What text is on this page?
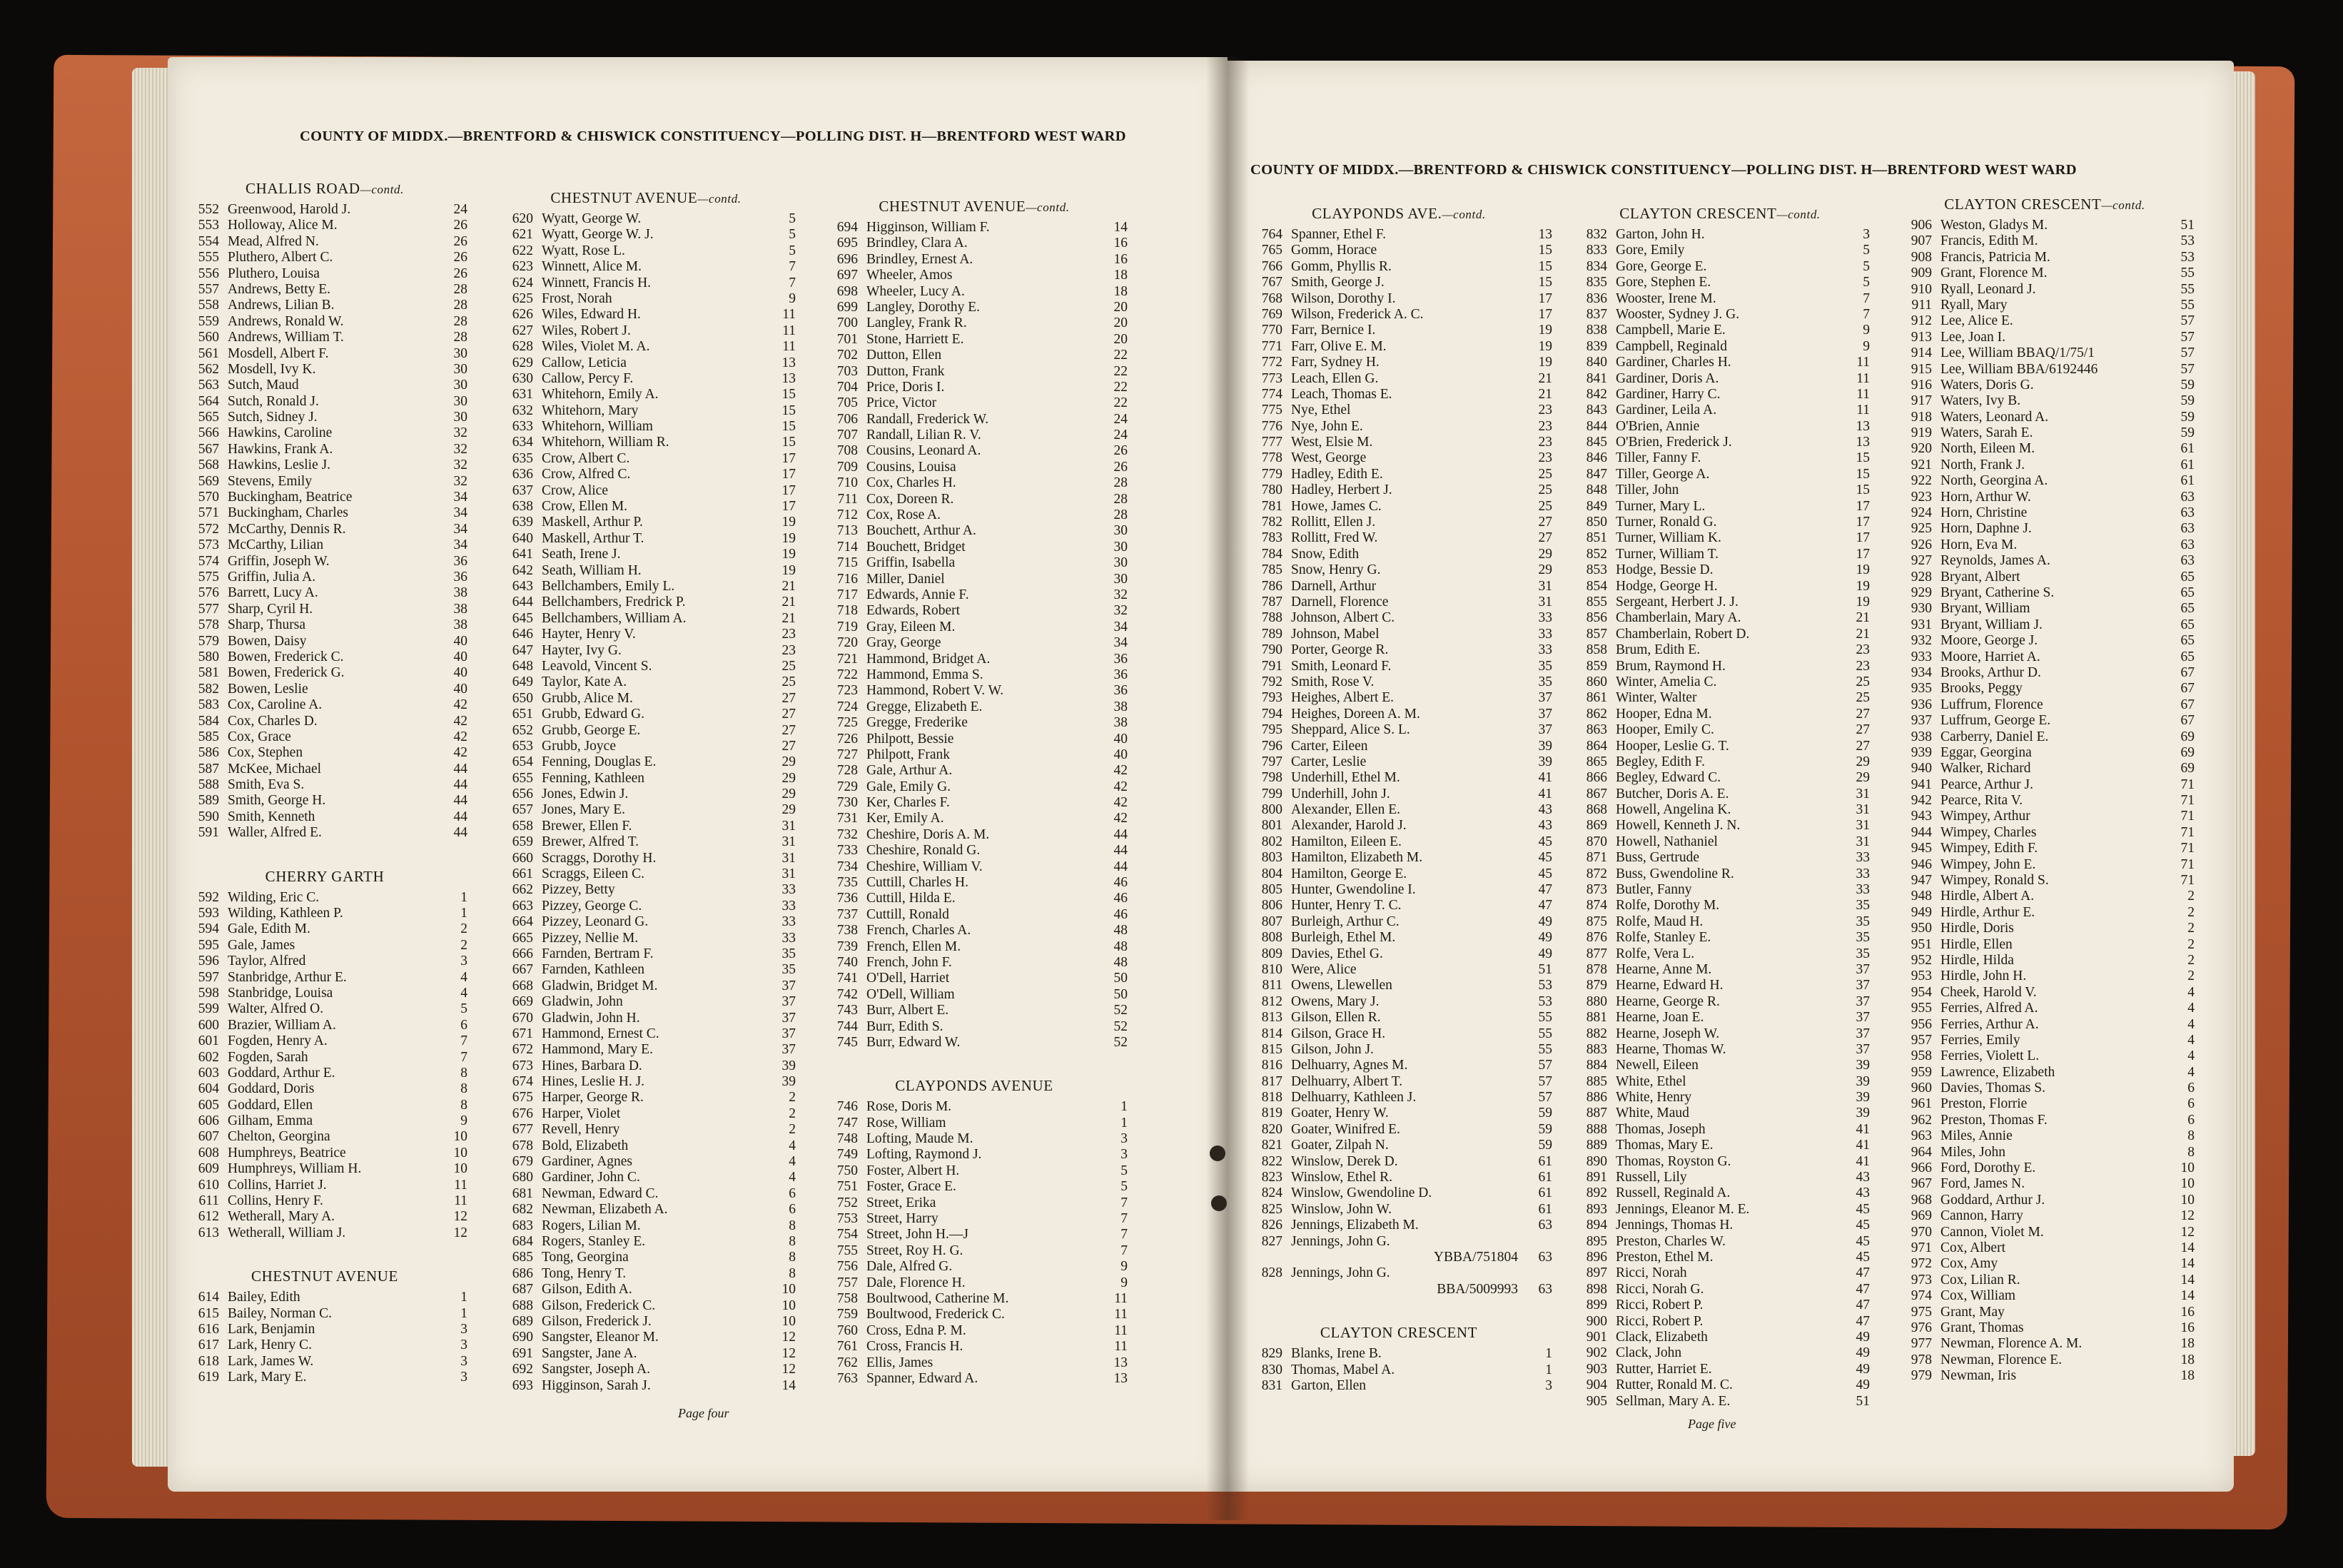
COUNTY OF MIDDX.—BRENTFORD & CHISWICK CONSTITUENCY—POLLING DIST. H—BRENTFORD WEST WARD
CHALLIS ROAD—contd.
552 Greenwood, Harold J.	24
553 Holloway, Alice M.	26
554 Mead, Alfred N.	26
555 Pluthero, Albert C.	26
556 Pluthero, Louisa	26
557 Andrews, Betty E.	28
558 Andrews, Lilian B.	28
559 Andrews, Ronald W.	28
560 Andrews, William T.	28
561 Mosdell, Albert F.	30
562 Mosdell, Ivy K.	30
563 Sutch, Maud	30
564 Sutch, Ronald J.	30
565 Sutch, Sidney J.	30
566 Hawkins, Caroline	32
567 Hawkins, Frank A.	32
568 Hawkins, Leslie J.	32
569 Stevens, Emily	32
570 Buckingham, Beatrice	34
571 Buckingham, Charles	34
572 McCarthy, Dennis R.	34
573 McCarthy, Lilian	34
574 Griffin, Joseph W.	36
575 Griffin, Julia A.	36
576 Barrett, Lucy A.	38
577 Sharp, Cyril H.	38
578 Sharp, Thursa	38
579 Bowen, Daisy	40
580 Bowen, Frederick C.	40
581 Bowen, Frederick G.	40
582 Bowen, Leslie	40
583 Cox, Caroline A.	42
584 Cox, Charles D.	42
585 Cox, Grace	42
586 Cox, Stephen	42
587 McKee, Michael	44
588 Smith, Eva S.	44
589 Smith, George H.	44
590 Smith, Kenneth	44
591 Waller, Alfred E.	44
CHERRY GARTH
592 Wilding, Eric C.	1
593 Wilding, Kathleen P.	1
594 Gale, Edith M.	2
595 Gale, James	2
596 Taylor, Alfred	3
597 Stanbridge, Arthur E.	4
598 Stanbridge, Louisa	4
599 Walter, Alfred O.	5
600 Brazier, William A.	6
601 Fogden, Henry A.	7
602 Fogden, Sarah	7
603 Goddard, Arthur E.	8
604 Goddard, Doris	8
605 Goddard, Ellen	8
606 Gilham, Emma	9
607 Chelton, Georgina	10
608 Humphreys, Beatrice	10
609 Humphreys, William H.	10
610 Collins, Harriet J.	11
611 Collins, Henry F.	11
612 Wetherall, Mary A.	12
613 Wetherall, William J.	12
CHESTNUT AVENUE
614 Bailey, Edith	1
615 Bailey, Norman C.	1
616 Lark, Benjamin	3
617 Lark, Henry C.	3
618 Lark, James W.	3
619 Lark, Mary E.	3
CHESTNUT AVENUE—contd.
620 Wyatt, George W.	5
621 Wyatt, George W. J.	5
622 Wyatt, Rose L.	5
623 Winnett, Alice M.	7
624 Winnett, Francis H.	7
625 Frost, Norah	9
626 Wiles, Edward H.	11
627 Wiles, Robert J.	11
628 Wiles, Violet M. A.	11
629 Callow, Leticia	13
630 Callow, Percy F.	13
631 Whitehorn, Emily A.	15
632 Whitehorn, Mary	15
633 Whitehorn, William	15
634 Whitehorn, William R.	15
635 Crow, Albert C.	17
636 Crow, Alfred C.	17
637 Crow, Alice	17
638 Crow, Ellen M.	17
639 Maskell, Arthur P.	19
640 Maskell, Arthur T.	19
641 Seath, Irene J.	19
642 Seath, William H.	19
643 Bellchambers, Emily L.	21
644 Bellchambers, Fredrick P.	21
645 Bellchambers, William A.	21
646 Hayter, Henry V.	23
647 Hayter, Ivy G.	23
648 Leavold, Vincent S.	25
649 Taylor, Kate A.	25
650 Grubb, Alice M.	27
651 Grubb, Edward G.	27
652 Grubb, George E.	27
653 Grubb, Joyce	27
654 Fenning, Douglas E.	29
655 Fenning, Kathleen	29
656 Jones, Edwin J.	29
657 Jones, Mary E.	29
658 Brewer, Ellen F.	31
659 Brewer, Alfred T.	31
660 Scraggs, Dorothy H.	31
661 Scraggs, Eileen C.	31
662 Pizzey, Betty	33
663 Pizzey, George C.	33
664 Pizzey, Leonard G.	33
665 Pizzey, Nellie M.	33
666 Farnden, Bertram F.	35
667 Farnden, Kathleen	35
668 Gladwin, Bridget M.	37
669 Gladwin, John	37
670 Gladwin, John H.	37
671 Hammond, Ernest C.	37
672 Hammond, Mary E.	37
673 Hines, Barbara D.	39
674 Hines, Leslie H. J.	39
675 Harper, George R.	2
676 Harper, Violet	2
677 Revell, Henry	2
678 Bold, Elizabeth	4
679 Gardiner, Agnes	4
680 Gardiner, John C.	4
681 Newman, Edward C.	6
682 Newman, Elizabeth A.	6
683 Rogers, Lilian M.	8
684 Rogers, Stanley E.	8
685 Tong, Georgina	8
686 Tong, Henry T.	8
687 Gilson, Edith A.	10
688 Gilson, Frederick C.	10
689 Gilson, Frederick J.	10
690 Sangster, Eleanor M.	12
691 Sangster, Jane A.	12
692 Sangster, Joseph A.	12
693 Higginson, Sarah J.	14
CHESTNUT AVENUE—contd.
694 Higginson, William F.	14
695 Brindley, Clara A.	16
696 Brindley, Ernest A.	16
697 Wheeler, Amos	18
698 Wheeler, Lucy A.	18
699 Langley, Dorothy E.	20
700 Langley, Frank R.	20
701 Stone, Harriett E.	20
702 Dutton, Ellen	22
703 Dutton, Frank	22
704 Price, Doris I.	22
705 Price, Victor	22
706 Randall, Frederick W.	24
707 Randall, Lilian R. V.	24
708 Cousins, Leonard A.	26
709 Cousins, Louisa	26
710 Cox, Charles H.	28
711 Cox, Doreen R.	28
712 Cox, Rose A.	28
713 Bouchett, Arthur A.	30
714 Bouchett, Bridget	30
715 Griffin, Isabella	30
716 Miller, Daniel	30
717 Edwards, Annie F.	32
718 Edwards, Robert	32
719 Gray, Eileen M.	34
720 Gray, George	34
721 Hammond, Bridget A.	36
722 Hammond, Emma S.	36
723 Hammond, Robert V. W.	36
724 Gregge, Elizabeth E.	38
725 Gregge, Frederike	38
726 Philpott, Bessie	40
727 Philpott, Frank	40
728 Gale, Arthur A.	42
729 Gale, Emily G.	42
730 Ker, Charles F.	42
731 Ker, Emily A.	42
732 Cheshire, Doris A. M.	44
733 Cheshire, Ronald G.	44
734 Cheshire, William V.	44
735 Cuttill, Charles H.	46
736 Cuttill, Hilda E.	46
737 Cuttill, Ronald	46
738 French, Charles A.	48
739 French, Ellen M.	48
740 French, John F.	48
741 O'Dell, Harriet	50
742 O'Dell, William	50
743 Burr, Albert E.	52
744 Burr, Edith S.	52
745 Burr, Edward W.	52
CLAYPONDS AVENUE
746 Rose, Doris M.	1
747 Rose, William	1
748 Lofting, Maude M.	3
749 Lofting, Raymond J.	3
750 Foster, Albert H.	5
751 Foster, Grace E.	5
752 Street, Erika	7
753 Street, Harry	7
754 Street, John H.—J	7
755 Street, Roy H. G.	7
756 Dale, Alfred G.	9
757 Dale, Florence H.	9
758 Boultwood, Catherine M.	11
759 Boultwood, Frederick C.	11
760 Cross, Edna P. M.	11
761 Cross, Francis H.	11
762 Ellis, James	13
763 Spanner, Edward A.	13
Page four
COUNTY OF MIDDX.—BRENTFORD & CHISWICK CONSTITUENCY—POLLING DIST. H—BRENTFORD WEST WARD
CLAYPONDS AVE.—contd.
764 Spanner, Ethel F.	13
765 Gomm, Horace	15
766 Gomm, Phyllis R.	15
767 Smith, George J.	15
768 Wilson, Dorothy I.	17
769 Wilson, Frederick A. C.	17
770 Farr, Bernice I.	19
771 Farr, Olive E. M.	19
772 Farr, Sydney H.	19
773 Leach, Ellen G.	21
774 Leach, Thomas E.	21
775 Nye, Ethel	23
776 Nye, John E.	23
777 West, Elsie M.	23
778 West, George	23
779 Hadley, Edith E.	25
780 Hadley, Herbert J.	25
781 Howe, James C.	25
782 Rollitt, Ellen J.	27
783 Rollitt, Fred W.	27
784 Snow, Edith	29
785 Snow, Henry G.	29
786 Darnell, Arthur	31
787 Darnell, Florence	31
788 Johnson, Albert C.	33
789 Johnson, Mabel	33
790 Porter, George R.	33
791 Smith, Leonard F.	35
792 Smith, Rose V.	35
793 Heighes, Albert E.	37
794 Heighes, Doreen A. M.	37
795 Sheppard, Alice S. L.	37
796 Carter, Eileen	39
797 Carter, Leslie	39
798 Underhill, Ethel M.	41
799 Underhill, John J.	41
800 Alexander, Ellen E.	43
801 Alexander, Harold J.	43
802 Hamilton, Eileen E.	45
803 Hamilton, Elizabeth M.	45
804 Hamilton, George E.	45
805 Hunter, Gwendoline I.	47
806 Hunter, Henry T. C.	47
807 Burleigh, Arthur C.	49
808 Burleigh, Ethel M.	49
809 Davies, Ethel G.	49
810 Were, Alice	51
811 Owens, Llewellen	53
812 Owens, Mary J.	53
813 Gilson, Ellen R.	55
814 Gilson, Grace H.	55
815 Gilson, John J.	55
816 Delhuarry, Agnes M.	57
817 Delhuarry, Albert T.	57
818 Delhuarry, Kathleen J.	57
819 Goater, Henry W.	59
820 Goater, Winifred E.	59
821 Goater, Zilpah N.	59
822 Winslow, Derek D.	61
823 Winslow, Ethel R.	61
824 Winslow, Gwendoline D.	61
825 Winslow, John W.	61
826 Jennings, Elizabeth M.	63
827 Jennings, John G.
YBBA/751804	63
828 Jennings, John G.
BBA/5009993	63
CLAYTON CRESCENT
829 Blanks, Irene B.	1
830 Thomas, Mabel A.	1
831 Garton, Ellen	3
CLAYTON CRESCENT—contd.
832 Garton, John H.	3
833 Gore, Emily	5
834 Gore, George E.	5
835 Gore, Stephen E.	5
836 Wooster, Irene M.	7
837 Wooster, Sydney J. G.	7
838 Campbell, Marie E.	9
839 Campbell, Reginald	9
840 Gardiner, Charles H.	11
841 Gardiner, Doris A.	11
842 Gardiner, Harry C.	11
843 Gardiner, Leila A.	11
844 O'Brien, Annie	13
845 O'Brien, Frederick J.	13
846 Tiller, Fanny F.	15
847 Tiller, George A.	15
848 Tiller, John	15
849 Turner, Mary L.	17
850 Turner, Ronald G.	17
851 Turner, William K.	17
852 Turner, William T.	17
853 Hodge, Bessie D.	19
854 Hodge, George H.	19
855 Sergeant, Herbert J. J.	19
856 Chamberlain, Mary A.	21
857 Chamberlain, Robert D.	21
858 Brum, Edith E.	23
859 Brum, Raymond H.	23
860 Winter, Amelia C.	25
861 Winter, Walter	25
862 Hooper, Edna M.	27
863 Hooper, Emily C.	27
864 Hooper, Leslie G. T.	27
865 Begley, Edith F.	29
866 Begley, Edward C.	29
867 Butcher, Doris A. E.	31
868 Howell, Angelina K.	31
869 Howell, Kenneth J. N.	31
870 Howell, Nathaniel	31
871 Buss, Gertrude	33
872 Buss, Gwendoline R.	33
873 Butler, Fanny	33
874 Rolfe, Dorothy M.	35
875 Rolfe, Maud H.	35
876 Rolfe, Stanley E.	35
877 Rolfe, Vera L.	35
878 Hearne, Anne M.	37
879 Hearne, Edward H.	37
880 Hearne, George R.	37
881 Hearne, Joan E.	37
882 Hearne, Joseph W.	37
883 Hearne, Thomas W.	37
884 Newell, Eileen	39
885 White, Ethel	39
886 White, Henry	39
887 White, Maud	39
888 Thomas, Joseph	41
889 Thomas, Mary E.	41
890 Thomas, Royston G.	41
891 Russell, Lily	43
892 Russell, Reginald A.	43
893 Jennings, Eleanor M. E.	45
894 Jennings, Thomas H.	45
895 Preston, Charles W.	45
896 Preston, Ethel M.	45
897 Ricci, Norah	47
898 Ricci, Norah G.	47
899 Ricci, Robert P.	47
900 Ricci, Robert P.	47
901 Clack, Elizabeth	49
902 Clack, John	49
903 Rutter, Harriet E.	49
904 Rutter, Ronald M. C.	49
905 Sellman, Mary A. E.	51
CLAYTON CRESCENT—contd.
906 Weston, Gladys M.	51
907 Francis, Edith M.	53
908 Francis, Patricia M.	53
909 Grant, Florence M.	55
910 Ryall, Leonard J.	55
911 Ryall, Mary	55
912 Lee, Alice E.	57
913 Lee, Joan I.	57
914 Lee, William BBAQ/1/75/1	57
915 Lee, William BBA/6192446	57
916 Waters, Doris G.	59
917 Waters, Ivy B.	59
918 Waters, Leonard A.	59
919 Waters, Sarah E.	59
920 North, Eileen M.	61
921 North, Frank J.	61
922 North, Georgina A.	61
923 Horn, Arthur W.	63
924 Horn, Christine	63
925 Horn, Daphne J.	63
926 Horn, Eva M.	63
927 Reynolds, James A.	63
928 Bryant, Albert	65
929 Bryant, Catherine S.	65
930 Bryant, William	65
931 Bryant, William J.	65
932 Moore, George J.	65
933 Moore, Harriet A.	65
934 Brooks, Arthur D.	67
935 Brooks, Peggy	67
936 Luffrum, Florence	67
937 Luffrum, George E.	67
938 Carberry, Daniel E.	69
939 Eggar, Georgina	69
940 Walker, Richard	69
941 Pearce, Arthur J.	71
942 Pearce, Rita V.	71
943 Wimpey, Arthur	71
944 Wimpey, Charles	71
945 Wimpey, Edith F.	71
946 Wimpey, John E.	71
947 Wimpey, Ronald S.	71
948 Hirdle, Albert A.	2
949 Hirdle, Arthur E.	2
950 Hirdle, Doris	2
951 Hirdle, Ellen	2
952 Hirdle, Hilda	2
953 Hirdle, John H.	2
954 Cheek, Harold V.	4
955 Ferries, Alfred A.	4
956 Ferries, Arthur A.	4
957 Ferries, Emily	4
958 Ferries, Violett L.	4
959 Lawrence, Elizabeth	4
960 Davies, Thomas S.	6
961 Preston, Florrie	6
962 Preston, Thomas F.	6
963 Miles, Annie	8
964 Miles, John	8
966 Ford, Dorothy E.	10
967 Ford, James N.	10
968 Goddard, Arthur J.	10
969 Cannon, Harry	12
970 Cannon, Violet M.	12
971 Cox, Albert	14
972 Cox, Amy	14
973 Cox, Lilian R.	14
974 Cox, William	14
975 Grant, May	16
976 Grant, Thomas	16
977 Newman, Florence A. M.	18
978 Newman, Florence E.	18
979 Newman, Iris	18
Page five
